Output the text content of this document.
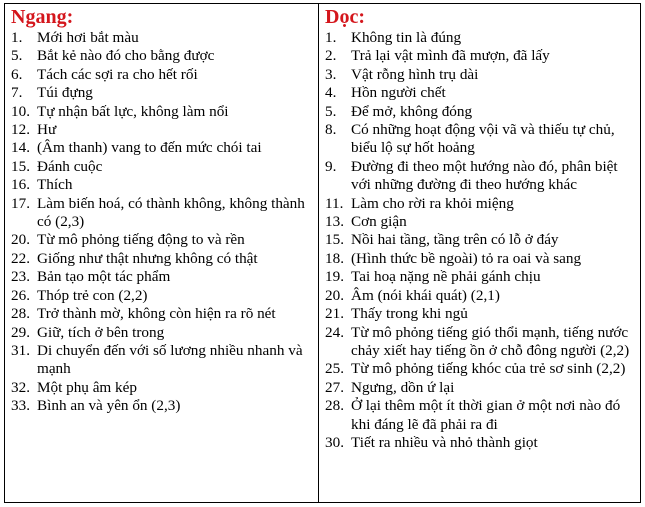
Ngang:
1. Mới hơi bắt màu
5. Bắt kẻ nào đó cho bằng được
6. Tách các sợi ra cho hết rối
7. Túi đựng
10. Tự nhận bất lực, không làm nổi
12. Hư
14. (Âm thanh) vang to đến mức chói tai
15. Đánh cuộc
16. Thích
17. Làm biến hoá, có thành không, không thành có (2,3)
20. Từ mô phỏng tiếng động to và rền
22. Giống như thật nhưng không có thật
23. Bản tạo một tác phẩm
26. Thóp trẻ con (2,2)
28. Trở thành mờ, không còn hiện ra rõ nét
29. Giữ, tích ở bên trong
31. Di chuyển đến với số lương nhiều nhanh và mạnh
32. Một phụ âm kép
33. Bình an và yên ổn (2,3)
Dọc:
1. Không tin là đúng
2. Trả lại vật mình đã mượn, đã lấy
3. Vật rỗng hình trụ dài
4. Hồn người chết
5. Để mở, không đóng
8. Có những hoạt động vội vã và thiếu tự chủ, biểu lộ sự hốt hoảng
9. Đường đi theo một hướng nào đó, phân biệt với những đường đi theo hướng khác
11. Làm cho rời ra khỏi miệng
13. Cơn giận
15. Nồi hai tầng, tầng trên có lỗ ở đáy
18. (Hình thức bề ngoài) tỏ ra oai và sang
19. Tai hoạ nặng nề phải gánh chịu
20. Âm (nói khái quát) (2,1)
21. Thấy trong khi ngủ
24. Từ mô phỏng tiếng gió thổi mạnh, tiếng nước chảy xiết hay tiếng ồn ở chỗ đông người (2,2)
25. Từ mô phỏng tiếng khóc của trẻ sơ sinh (2,2)
27. Ngưng, dồn ứ lại
28. Ở lại thêm một ít thời gian ở một nơi nào đó khi đáng lẽ đã phải ra đi
30. Tiết ra nhiều và nhỏ thành giọt
